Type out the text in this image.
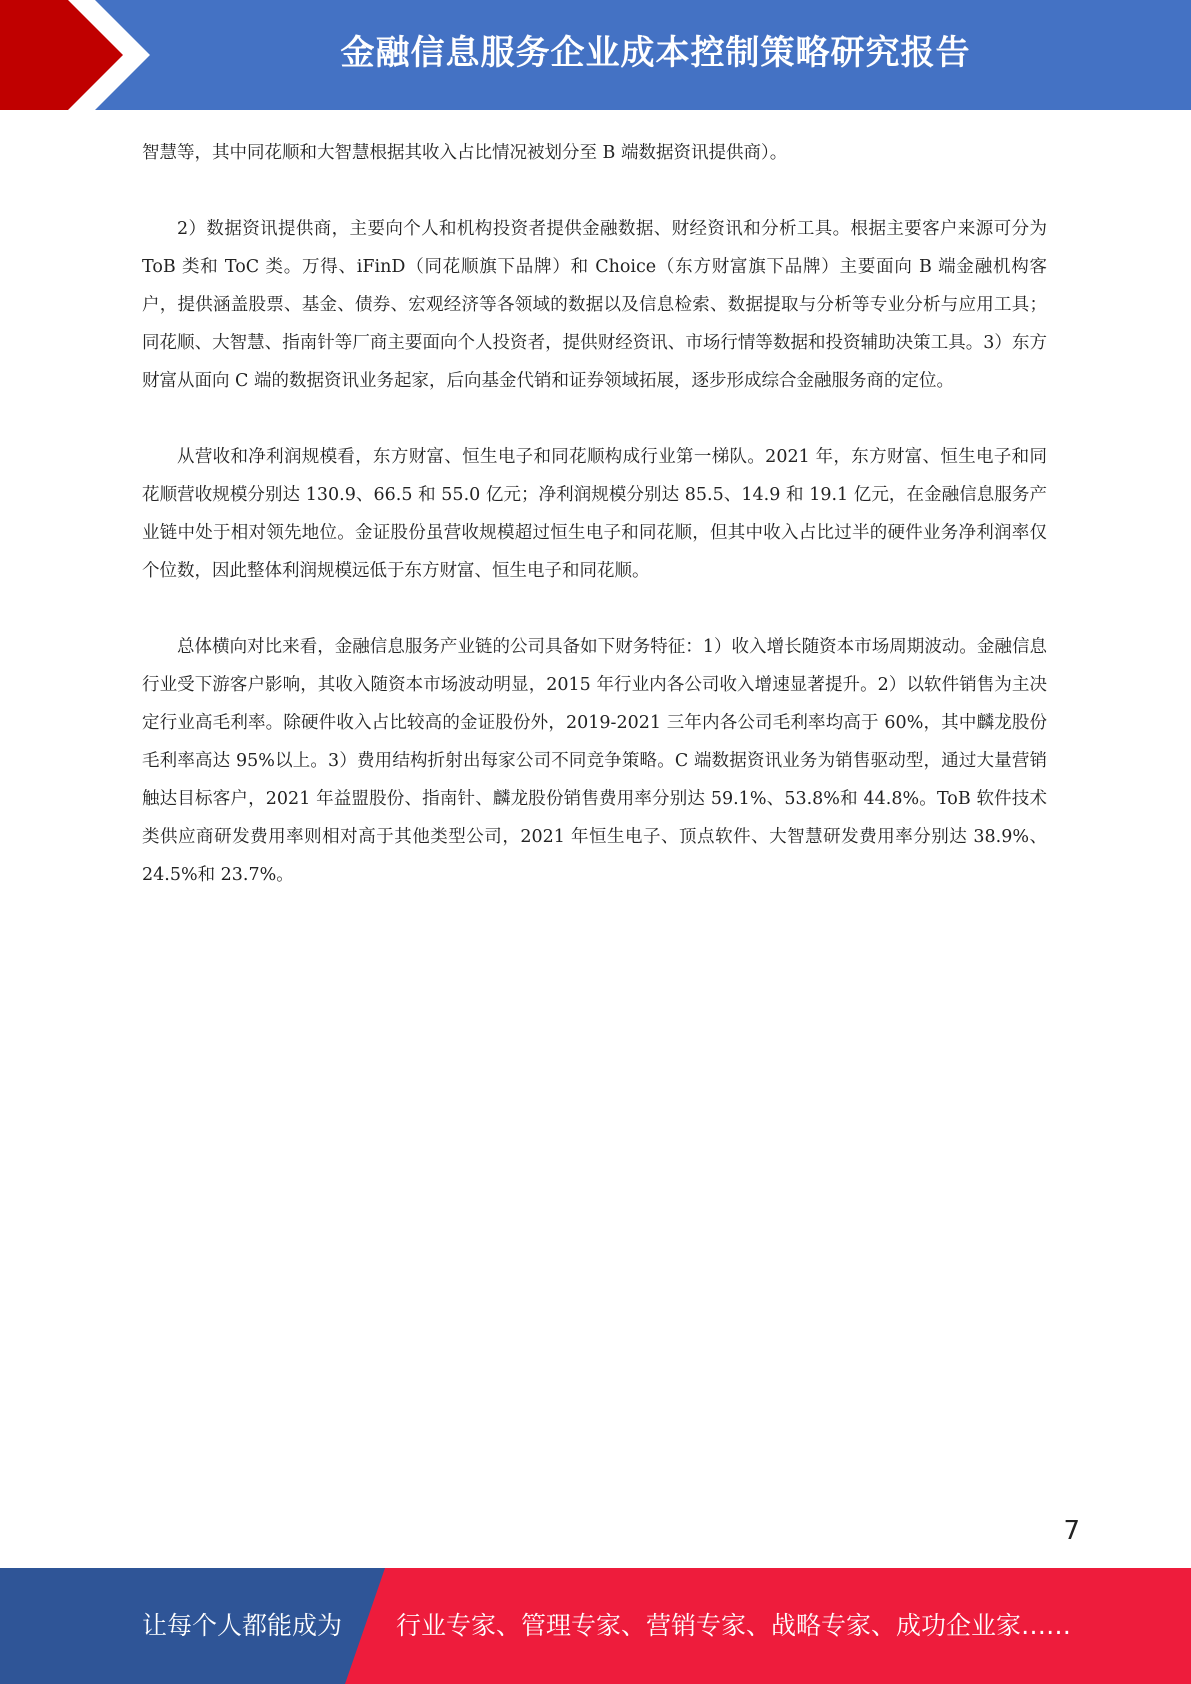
金融信息服务企业成本控制策略研究报告

智慧等，其中同花顺和大智慧根据其收入占比情况被划分至 B 端数据资讯提供商）。

2）数据资讯提供商，主要向个人和机构投资者提供金融数据、财经资讯和分析工具。根据主要客户来源可分为 ToB 类和 ToC 类。万得、iFinD（同花顺旗下品牌）和 Choice（东方财富旗下品牌）主要面向 B 端金融机构客户，提供涵盖股票、基金、债券、宏观经济等各领域的数据以及信息检索、数据提取与分析等专业分析与应用工具；同花顺、大智慧、指南针等厂商主要面向个人投资者，提供财经资讯、市场行情等数据和投资辅助决策工具。3）东方财富从面向 C 端的数据资讯业务起家，后向基金代销和证券领域拓展，逐步形成综合金融服务商的定位。

从营收和净利润规模看，东方财富、恒生电子和同花顺构成行业第一梯队。2021 年，东方财富、恒生电子和同花顺营收规模分别达 130.9、66.5 和 55.0 亿元；净利润规模分别达 85.5、14.9 和 19.1 亿元，在金融信息服务产业链中处于相对领先地位。金证股份虽营收规模超过恒生电子和同花顺，但其中收入占比过半的硬件业务净利润率仅个位数，因此整体利润规模远低于东方财富、恒生电子和同花顺。

总体横向对比来看，金融信息服务产业链的公司具备如下财务特征：1）收入增长随资本市场周期波动。金融信息行业受下游客户影响，其收入随资本市场波动明显，2015 年行业内各公司收入增速显著提升。2）以软件销售为主决定行业高毛利率。除硬件收入占比较高的金证股份外，2019-2021 三年内各公司毛利率均高于 60%，其中麟龙股份毛利率高达 95%以上。3）费用结构折射出每家公司不同竞争策略。C 端数据资讯业务为销售驱动型，通过大量营销触达目标客户，2021 年益盟股份、指南针、麟龙股份销售费用率分别达 59.1%、53.8%和 44.8%。ToB 软件技术类供应商研发费用率则相对高于其他类型公司，2021 年恒生电子、顶点软件、大智慧研发费用率分别达 38.9%、24.5%和 23.7%。

7
让每个人都能成为 行业专家、管理专家、营销专家、战略专家、成功企业家……
